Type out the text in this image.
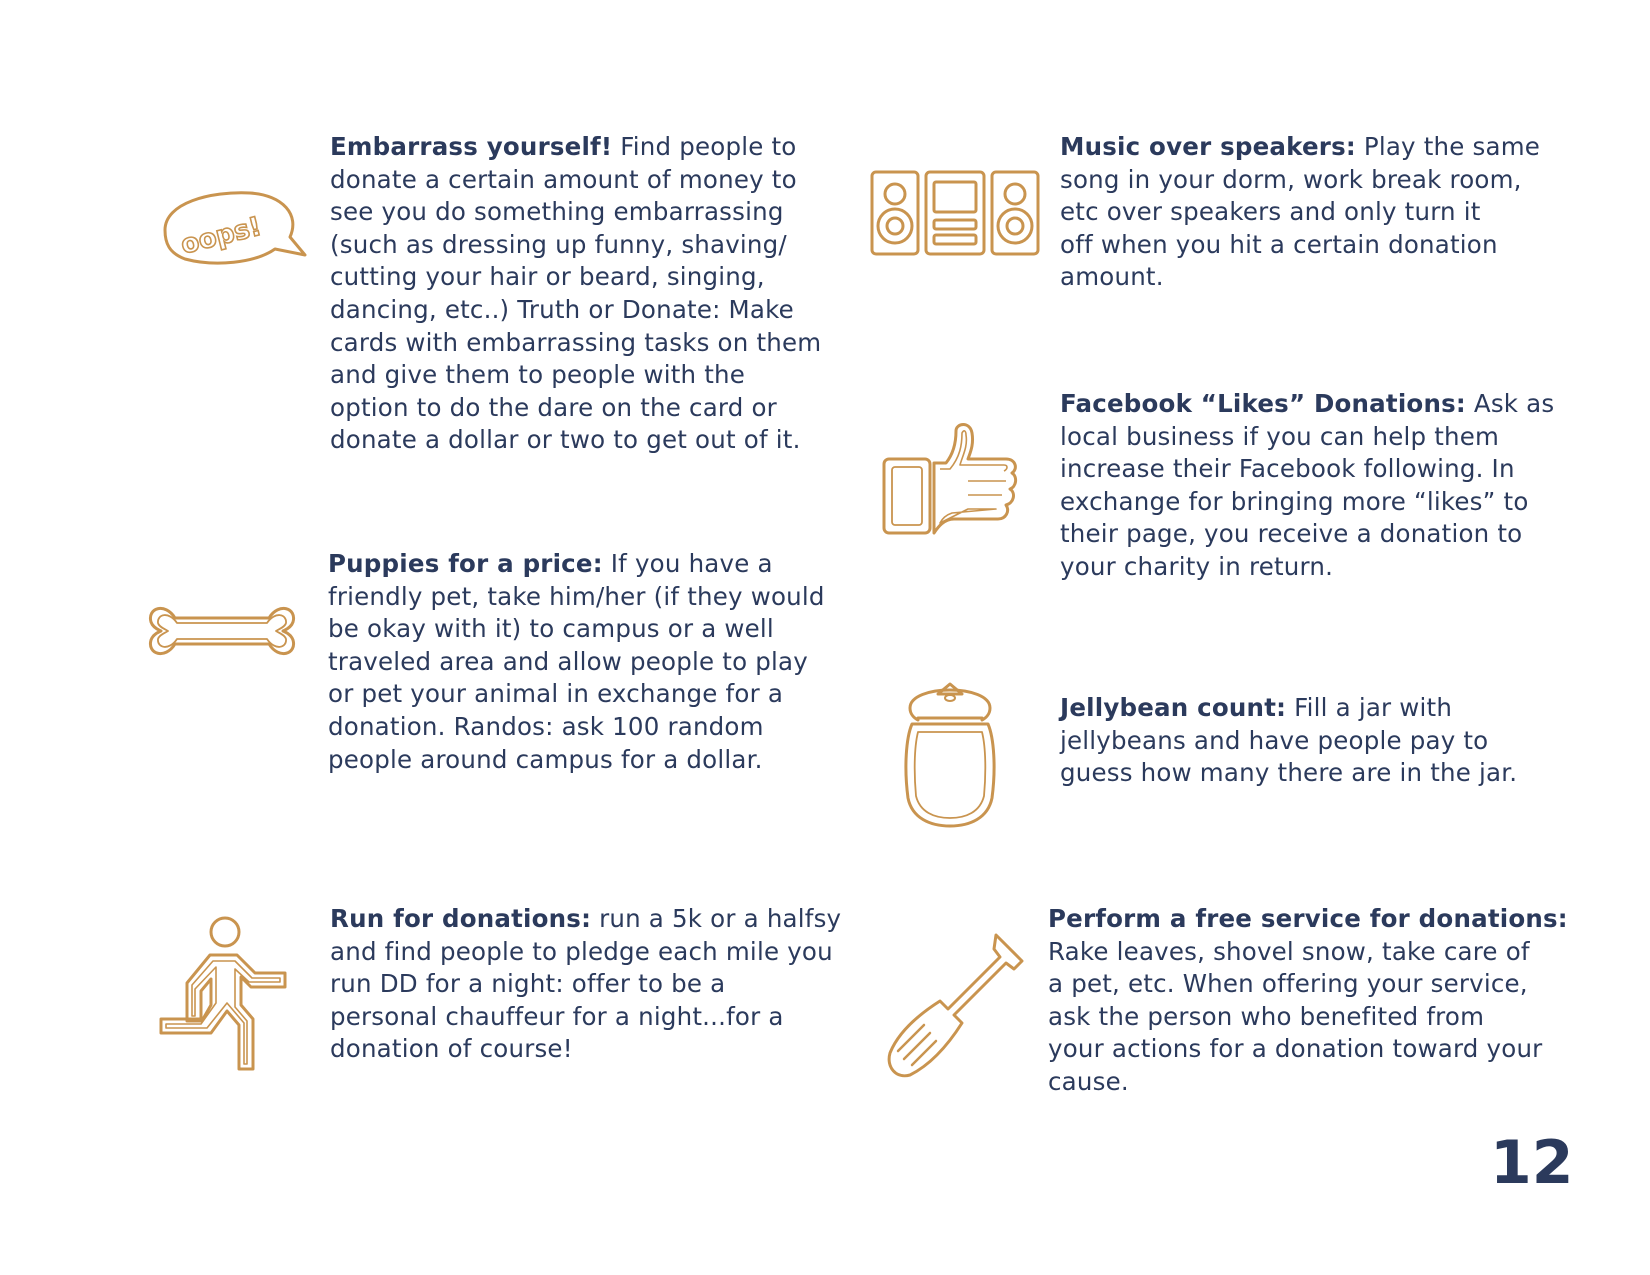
oops!
Embarrass yourself! Find people to
donate a certain amount of money to
see you do something embarrassing
(such as dressing up funny, shaving/
cutting your hair or beard, singing,
dancing, etc..) Truth or Donate: Make
cards with embarrassing tasks on them
and give them to people with the
option to do the dare on the card or
donate a dollar or two to get out of it.
Puppies for a price: If you have a
friendly pet, take him/her (if they would
be okay with it) to campus or a well
traveled area and allow people to play
or pet your animal in exchange for a
donation. Randos: ask 100 random
people around campus for a dollar.
Run for donations: run a 5k or a halfsy
and find people to pledge each mile you
run DD for a night: offer to be a
personal chauffeur for a night...for a
donation of course!
Music over speakers: Play the same
song in your dorm, work break room,
etc over speakers and only turn it
off when you hit a certain donation
amount.
Facebook “Likes” Donations: Ask as
local business if you can help them
increase their Facebook following. In
exchange for bringing more “likes” to
their page, you receive a donation to
your charity in return.
Jellybean count: Fill a jar with
jellybeans and have people pay to
guess how many there are in the jar.
Perform a free service for donations:
Rake leaves, shovel snow, take care of
a pet, etc. When offering your service,
ask the person who benefited from
your actions for a donation toward your
cause.
12
